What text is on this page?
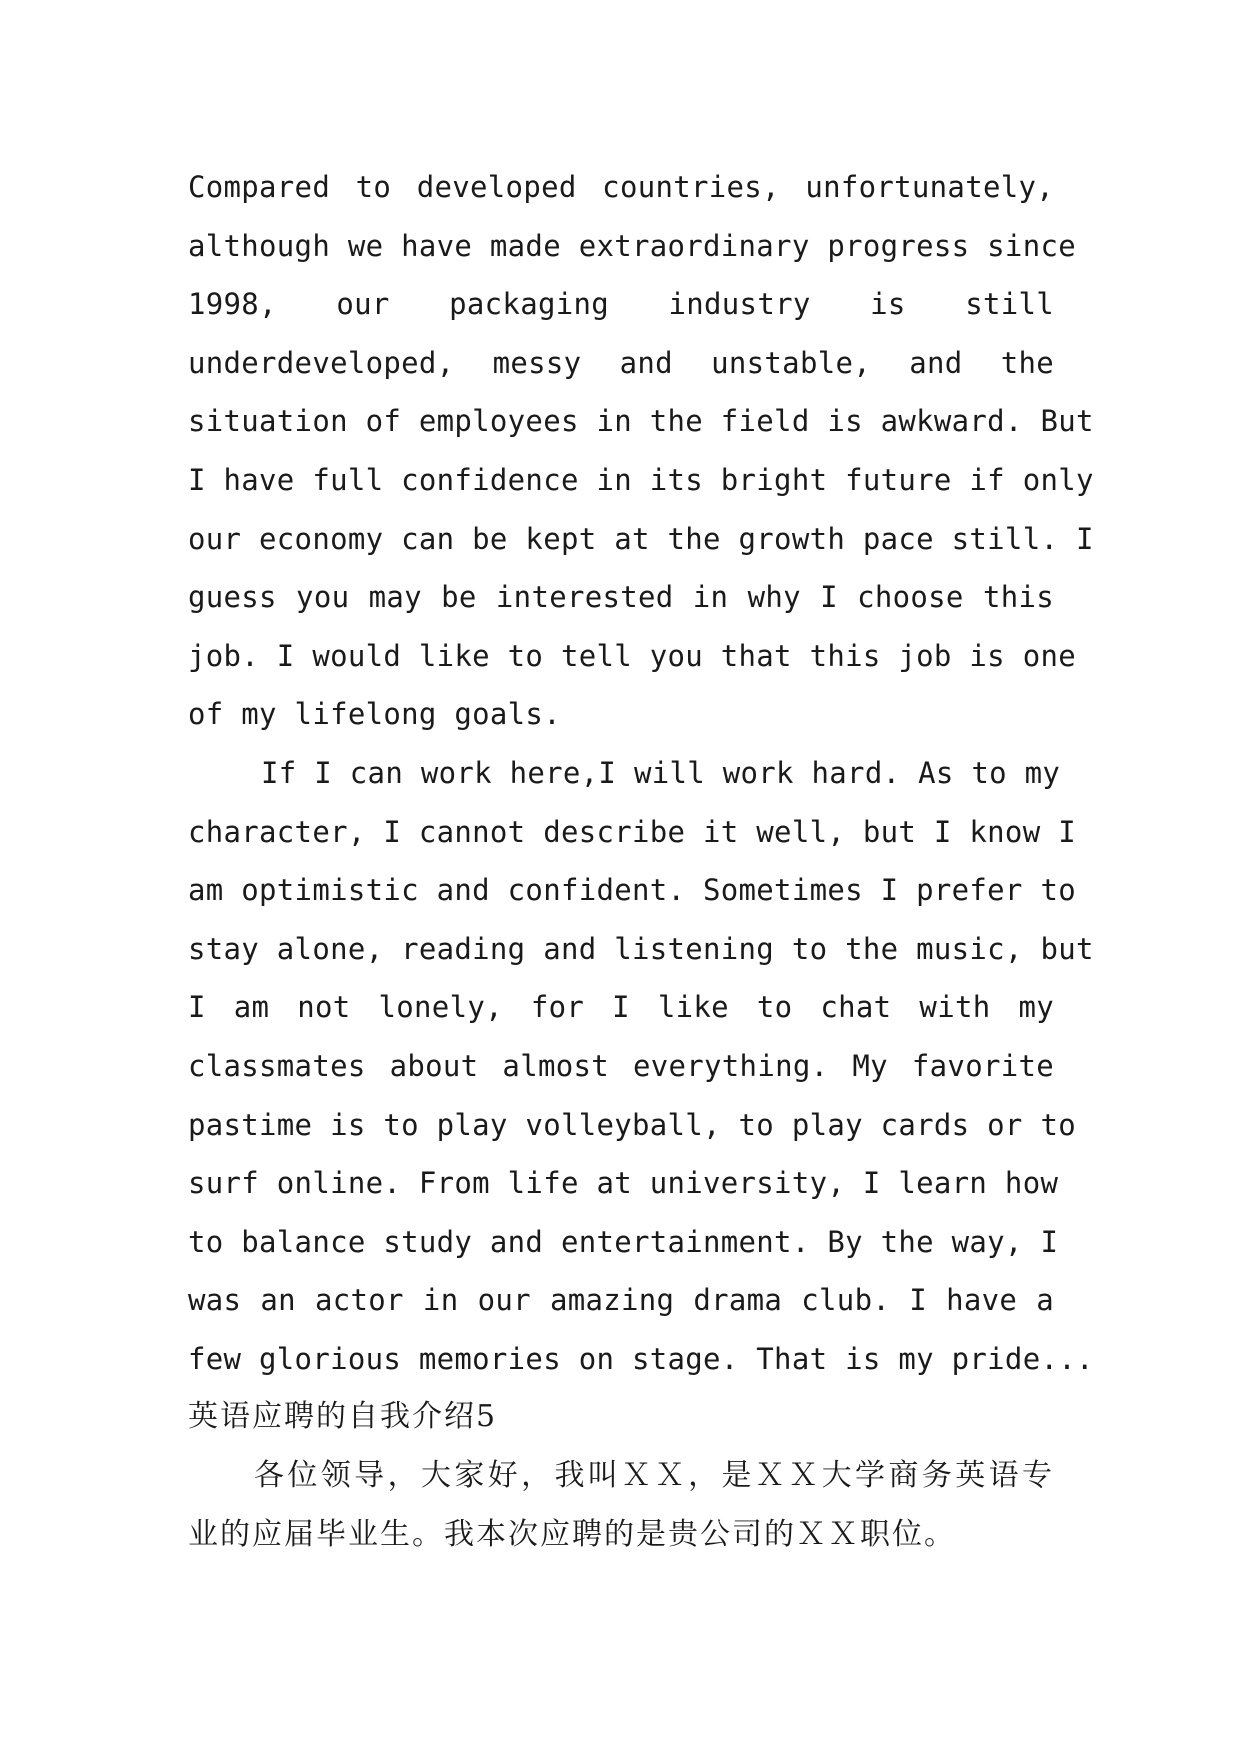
Compared to developed countries, unfortunately,
although we have made extraordinary progress since
1998, our packaging industry is still
underdeveloped, messy and unstable, and the
situation of employees in the field is awkward. But
I have full confidence in its bright future if only
our economy can be kept at the growth pace still. I
guess you may be interested in why I choose this
job. I would like to tell you that this job is one
of my lifelong goals.
If I can work here,I will work hard. As to my
character, I cannot describe it well, but I know I
am optimistic and confident. Sometimes I prefer to
stay alone, reading and listening to the music, but
I am not lonely, for I like to chat with my
classmates about almost everything. My favorite
pastime is to play volleyball, to play cards or to
surf online. From life at university, I learn how
to balance study and entertainment. By the way, I
was an actor in our amazing drama club. I have a
few glorious memories on stage. That is my pride...
英语应聘的自我介绍5
各位领导，大家好，我叫ＸＸ，是ＸＸ大学商务英语专
业的应届毕业生。我本次应聘的是贵公司的ＸＸ职位。
